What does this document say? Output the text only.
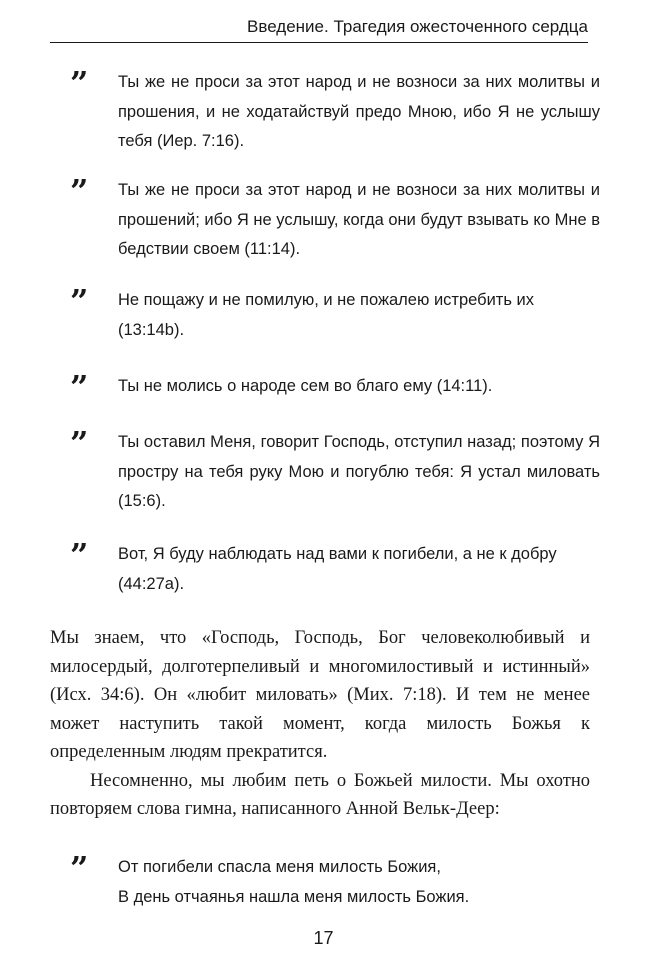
Введение. Трагедия ожесточенного сердца
”	Ты же не проси за этот народ и не возноси за них молитвы и прошения, и не ходатайствуй предо Мною, ибо Я не услышу тебя (Иер. 7:16).
”	Ты же не проси за этот народ и не возноси за них молитвы и прошений; ибо Я не услышу, когда они будут взывать ко Мне в бедствии своем (11:14).
”	Не пощажу и не помилую, и не пожалею истребить их (13:14b).
”	Ты не молись о народе сем во благо ему (14:11).
”	Ты оставил Меня, говорит Господь, отступил назад; поэтому Я простру на тебя руку Мою и погублю тебя: Я устал миловать (15:6).
”	Вот, Я буду наблюдать над вами к погибели, а не к добру (44:27a).

Мы знаем, что «Господь, Господь, Бог человеколюбивый и милосердый, долготерпеливый и многомилостивый и истинный» (Исх. 34:6). Он «любит миловать» (Мих. 7:18). И тем не менее может наступить такой момент, когда милость Божья к определенным людям прекратится.

Несомненно, мы любим петь о Божьей милости. Мы охотно повторяем слова гимна, написанного Анной Вельк-Деер:

”	От погибели спасла меня милость Божия,
В день отчаянья нашла меня милость Божия.
17
